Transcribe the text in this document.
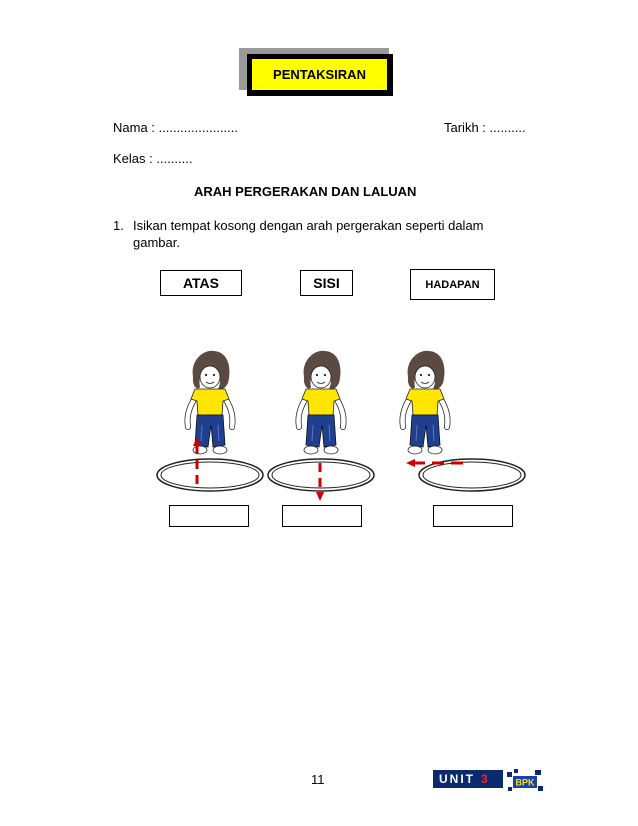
PENTAKSIRAN
Nama : ......................	Tarikh : ..........
Kelas : ..........
ARAH PERGERAKAN DAN LALUAN
1. Isikan tempat kosong dengan arah pergerakan seperti dalam
gambar.
ATAS	SISI	HADAPAN
11	UNIT 3	BPK
